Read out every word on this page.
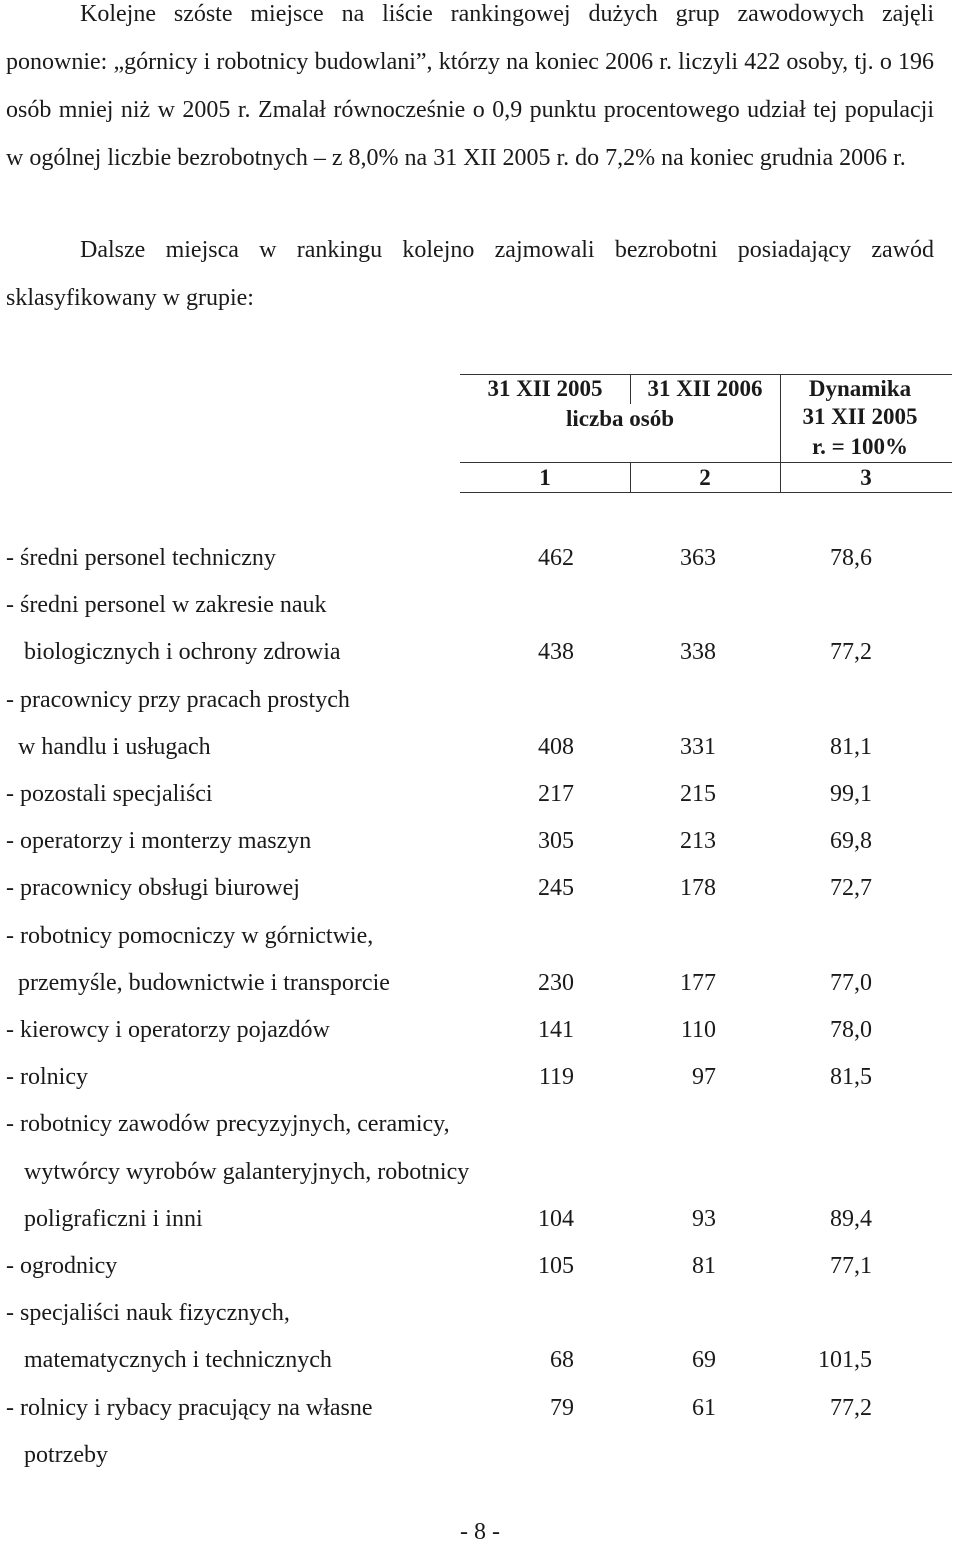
Kolejne szóste miejsce na liście rankingowej dużych grup zawodowych zajęli ponownie: „górnicy i robotnicy budowlani”, którzy na koniec 2006 r. liczyli 422 osoby, tj. o 196 osób mniej niż w 2005 r. Zmalał równocześnie o 0,9 punktu procentowego udział tej populacji w ogólnej liczbie bezrobotnych – z 8,0% na 31 XII 2005 r. do 7,2% na koniec grudnia 2006 r.

Dalsze miejsca w rankingu kolejno zajmowali bezrobotni posiadający zawód sklasyfikowany w grupie:

31 XII 2005	31 XII 2006
liczba osób
Dynamika
31 XII 2005
r. = 100%
1	2	3
- średni personel techniczny	462	363	78,6
- średni personel w zakresie nauk
biologicznych i ochrony zdrowia	438	338	77,2
- pracownicy przy pracach prostych
w handlu i usługach	408	331	81,1
- pozostali specjaliści	217	215	99,1
- operatorzy i monterzy maszyn	305	213	69,8
- pracownicy obsługi biurowej	245	178	72,7
- robotnicy pomocniczy w górnictwie,
przemyśle, budownictwie i transporcie	230	177	77,0
- kierowcy i operatorzy pojazdów	141	110	78,0
- rolnicy	119	97	81,5
- robotnicy zawodów precyzyjnych, ceramicy,
wytwórcy wyrobów galanteryjnych, robotnicy
poligraficzni i inni	104	93	89,4
- ogrodnicy	105	81	77,1
- specjaliści nauk fizycznych,
matematycznych i technicznych	68	69	101,5
- rolnicy i rybacy pracujący na własne	79	61	77,2
potrzeby
- 8 -
